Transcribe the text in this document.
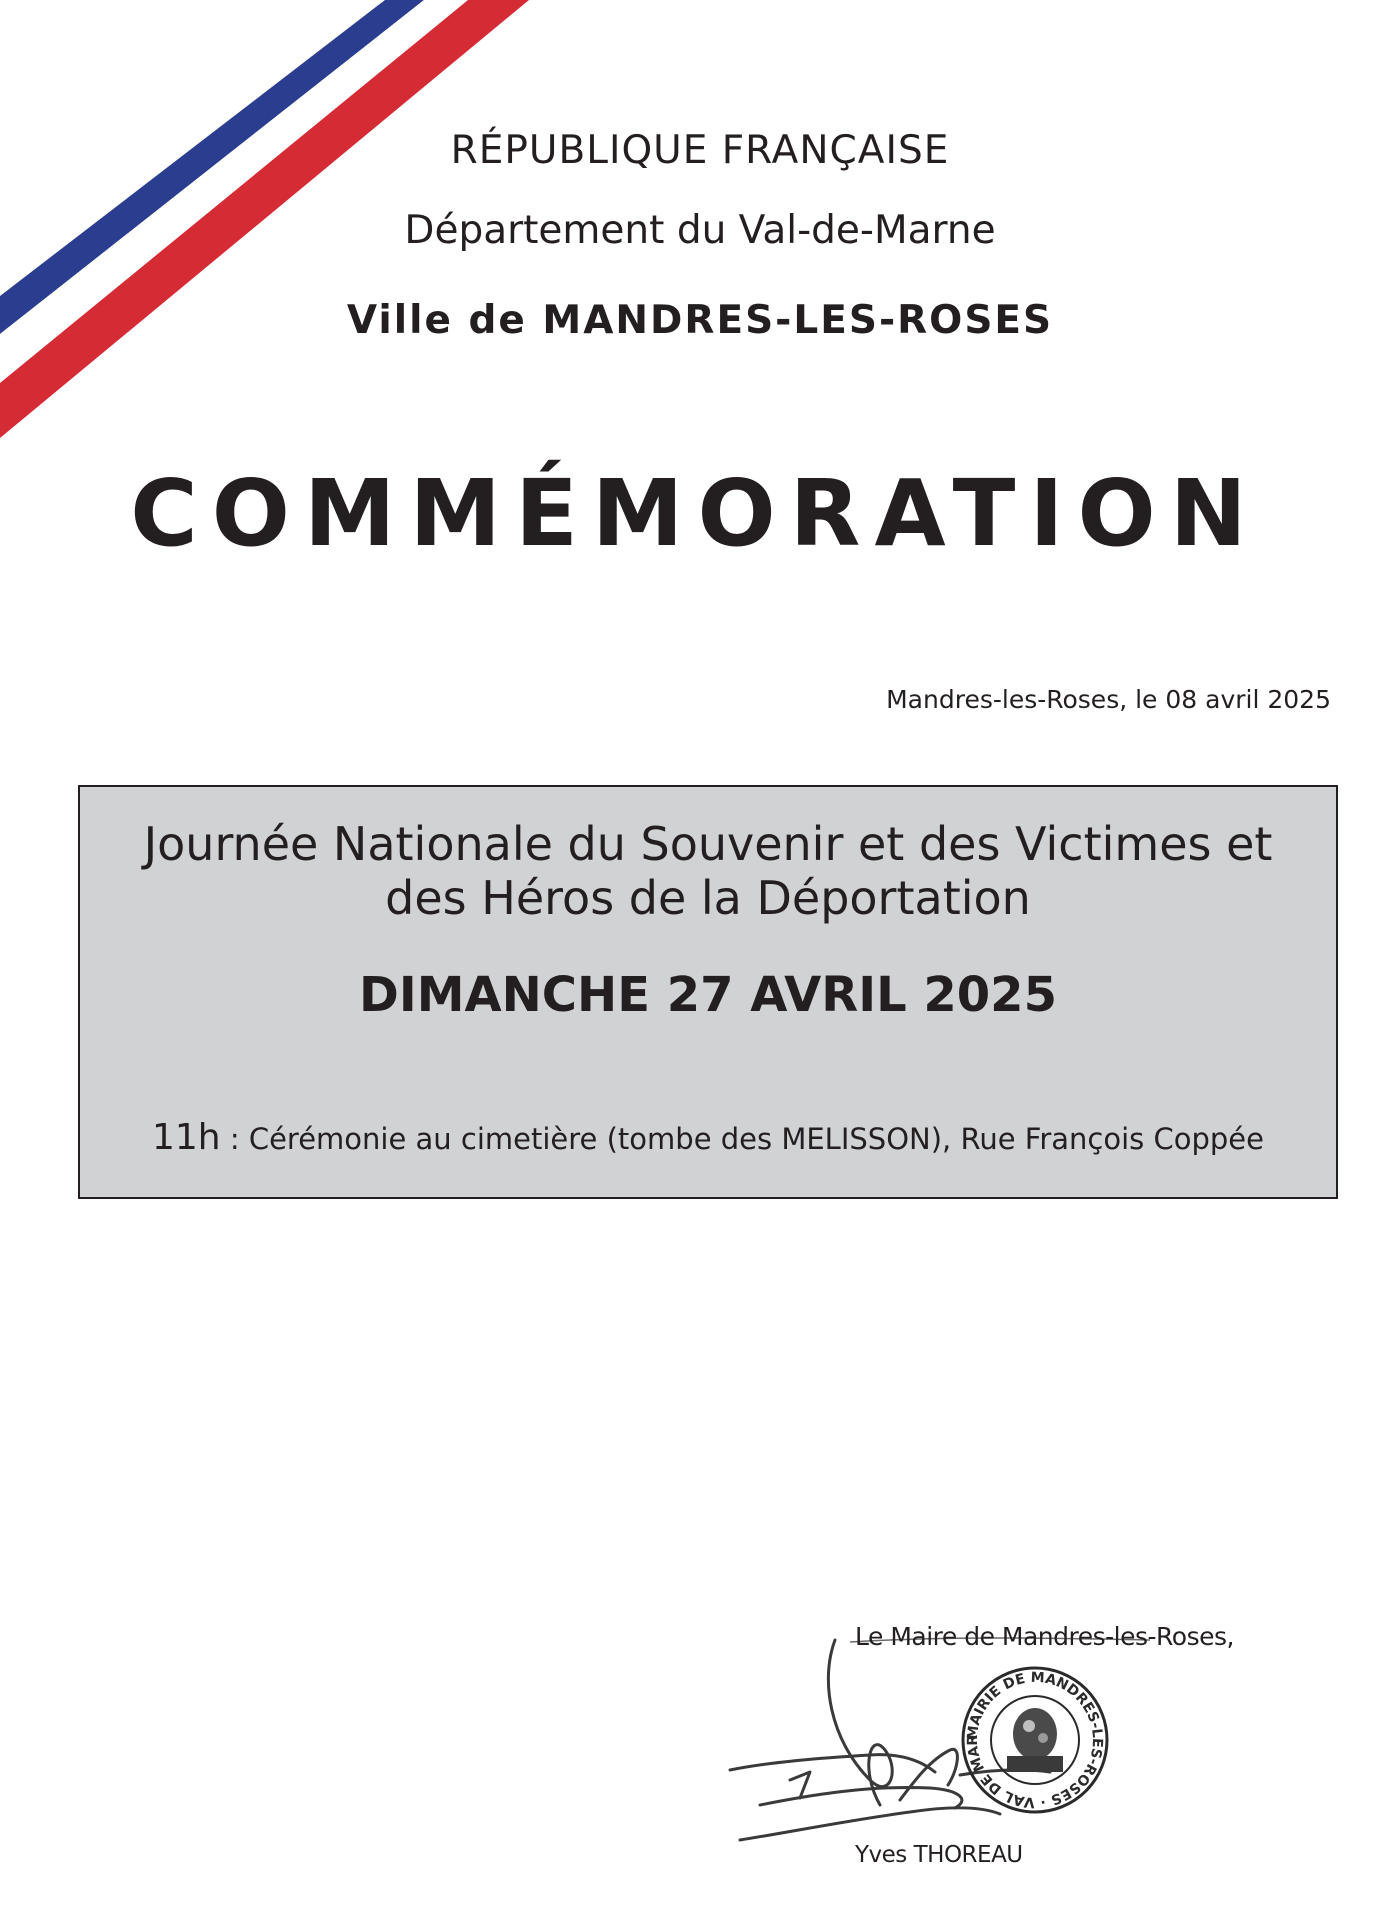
RÉPUBLIQUE FRANÇAISE
Département du Val-de-Marne
Ville de MANDRES-LES-ROSES
COMMÉMORATION
Mandres-les-Roses, le 08 avril 2025
Journée Nationale du Souvenir et des Victimes et
des Héros de la Déportation
DIMANCHE 27 AVRIL 2025
11h : Cérémonie au cimetière (tombe des MELISSON), Rue François Coppée
MAIRIE DE MANDRES-LES-ROSES · VAL DE MAR
Le Maire de Mandres-les-Roses,
Yves THOREAU
